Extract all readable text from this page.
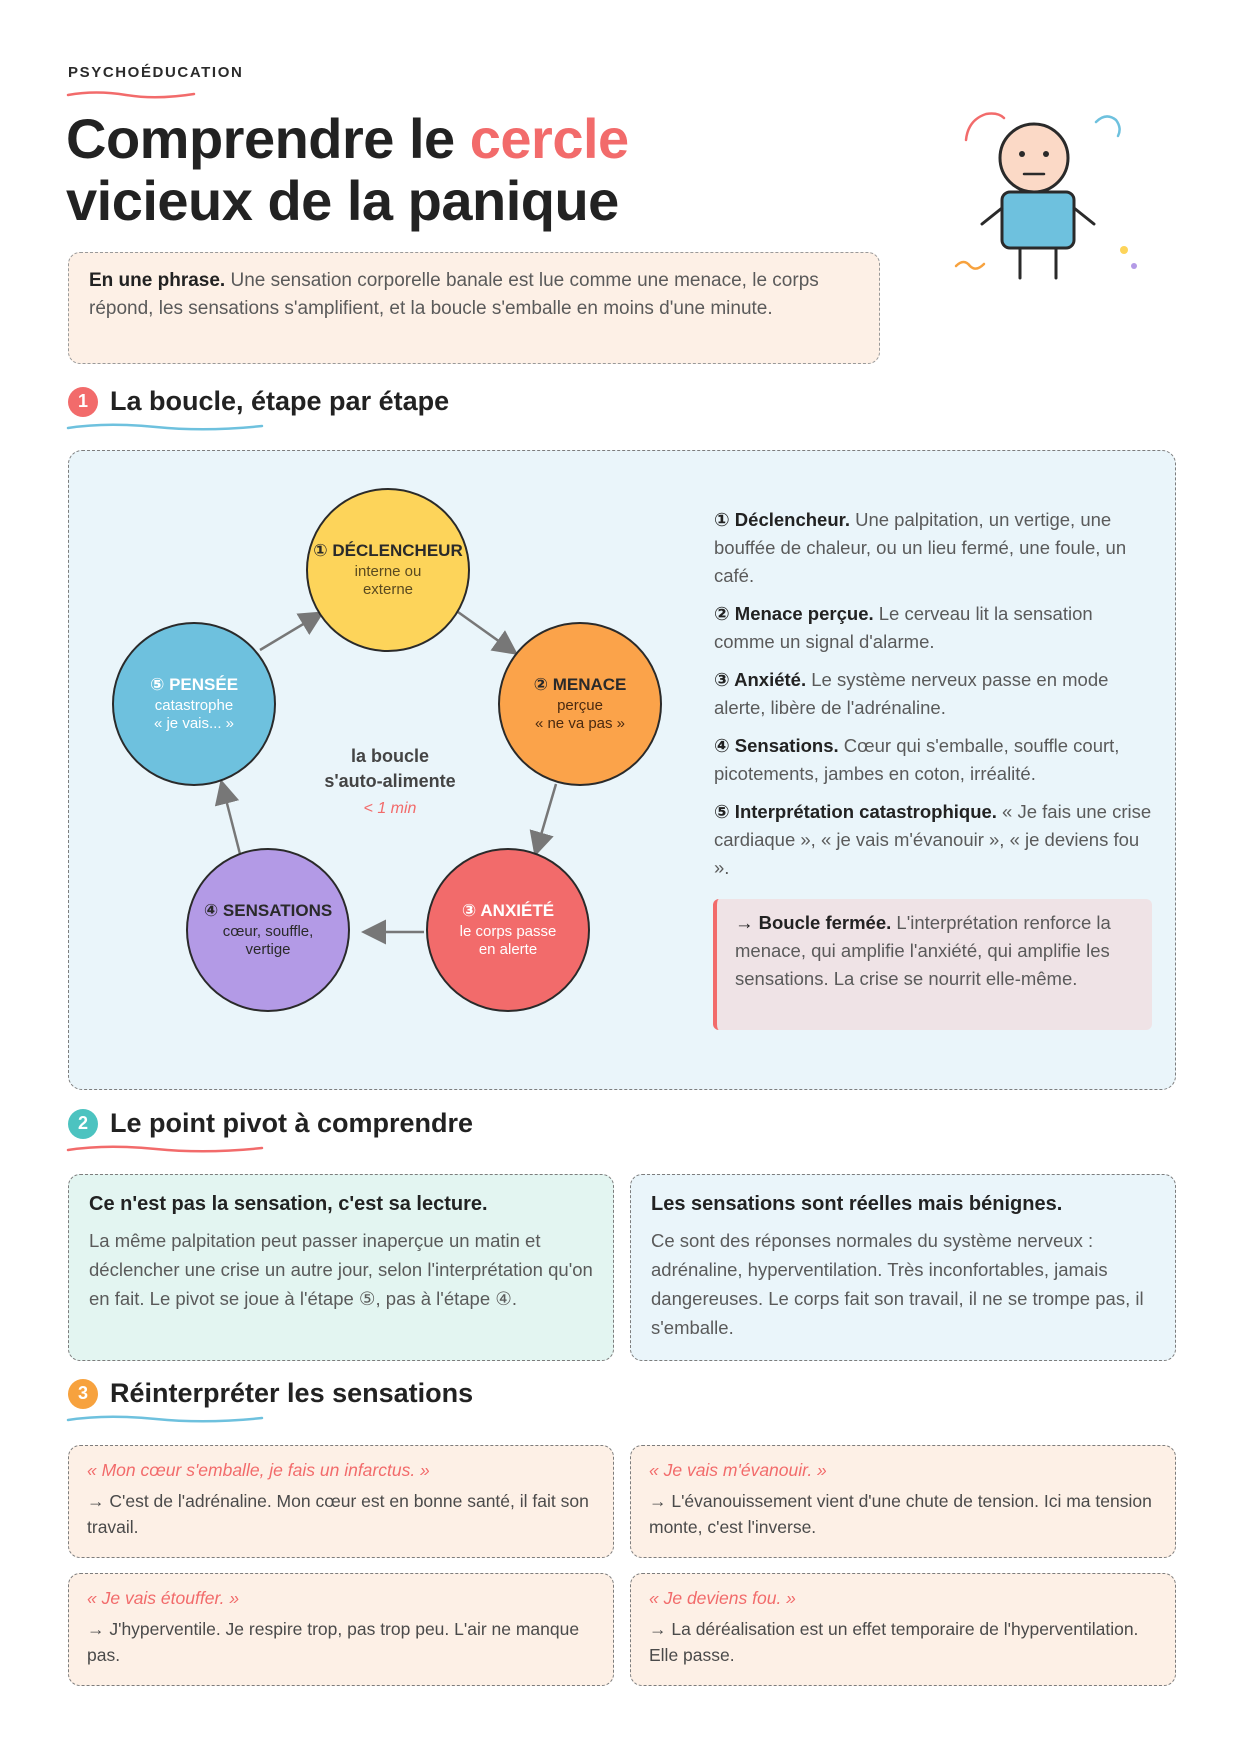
PSYCHOÉDUCATION
Comprendre le cercle
vicieux de la panique
En une phrase. Une sensation corporelle banale est lue comme une menace, le corps répond, les sensations s'amplifient, et la boucle s'emballe en moins d'une minute.
1 La boucle, étape par étape
① DÉCLENCHEUR
interne ou
externe
② MENACE
perçue
« ne va pas »
③ ANXIÉTÉ
le corps passe
en alerte
④ SENSATIONS
cœur, souffle,
vertige
⑤ PENSÉE
catastrophe
« je vais... »
la boucle
s'auto-alimente
< 1 min
① Déclencheur. Une palpitation, un vertige, une bouffée de chaleur, ou un lieu fermé, une foule, un café.
② Menace perçue. Le cerveau lit la sensation comme un signal d'alarme.
③ Anxiété. Le système nerveux passe en mode alerte, libère de l'adrénaline.
④ Sensations. Cœur qui s'emballe, souffle court, picotements, jambes en coton, irréalité.
⑤ Interprétation catastrophique. « Je fais une crise cardiaque », « je vais m'évanouir », « je deviens fou ».
→ Boucle fermée. L'interprétation renforce la menace, qui amplifie l'anxiété, qui amplifie les sensations. La crise se nourrit elle-même.
2 Le point pivot à comprendre
Ce n'est pas la sensation, c'est sa lecture.
La même palpitation peut passer inaperçue un matin et déclencher une crise un autre jour, selon l'interprétation qu'on en fait. Le pivot se joue à l'étape ⑤, pas à l'étape ④.
Les sensations sont réelles mais bénignes.
Ce sont des réponses normales du système nerveux : adrénaline, hyperventilation. Très inconfortables, jamais dangereuses. Le corps fait son travail, il ne se trompe pas, il s'emballe.
3 Réinterpréter les sensations
« Mon cœur s'emballe, je fais un infarctus. »
→ C'est de l'adrénaline. Mon cœur est en bonne santé, il fait son travail.
« Je vais m'évanouir. »
→ L'évanouissement vient d'une chute de tension. Ici ma tension monte, c'est l'inverse.
« Je vais étouffer. »
→ J'hyperventile. Je respire trop, pas trop peu. L'air ne manque pas.
« Je deviens fou. »
→ La déréalisation est un effet temporaire de l'hyperventilation. Elle passe.
